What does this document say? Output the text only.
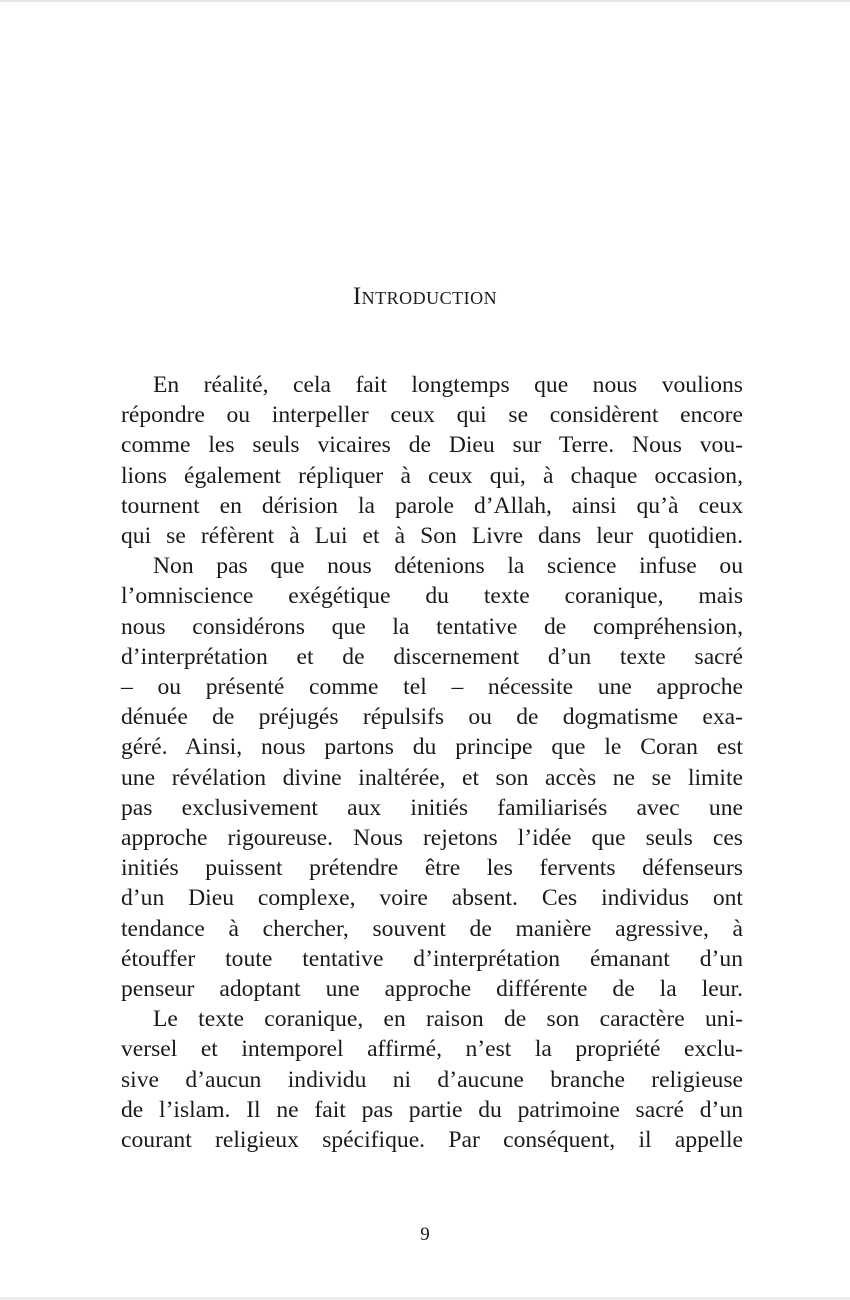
Introduction

En réalité, cela fait longtemps que nous voulions
répondre ou interpeller ceux qui se considèrent encore
comme les seuls vicaires de Dieu sur Terre. Nous vou-
lions également répliquer à ceux qui, à chaque occasion,
tournent en dérision la parole d’Allah, ainsi qu’à ceux
qui se réfèrent à Lui et à Son Livre dans leur quotidien.

Non pas que nous détenions la science infuse ou
l’omniscience exégétique du texte coranique, mais
nous considérons que la tentative de compréhension,
d’interprétation et de discernement d’un texte sacré
– ou présenté comme tel – nécessite une approche
dénuée de préjugés répulsifs ou de dogmatisme exa-
géré. Ainsi, nous partons du principe que le Coran est
une révélation divine inaltérée, et son accès ne se limite
pas exclusivement aux initiés familiarisés avec une
approche rigoureuse. Nous rejetons l’idée que seuls ces
initiés puissent prétendre être les fervents défenseurs
d’un Dieu complexe, voire absent. Ces individus ont
tendance à chercher, souvent de manière agressive, à
étouffer toute tentative d’interprétation émanant d’un
penseur adoptant une approche différente de la leur.

Le texte coranique, en raison de son caractère uni-
versel et intemporel affirmé, n’est la propriété exclu-
sive d’aucun individu ni d’aucune branche religieuse
de l’islam. Il ne fait pas partie du patrimoine sacré d’un
courant religieux spécifique. Par conséquent, il appelle

9
